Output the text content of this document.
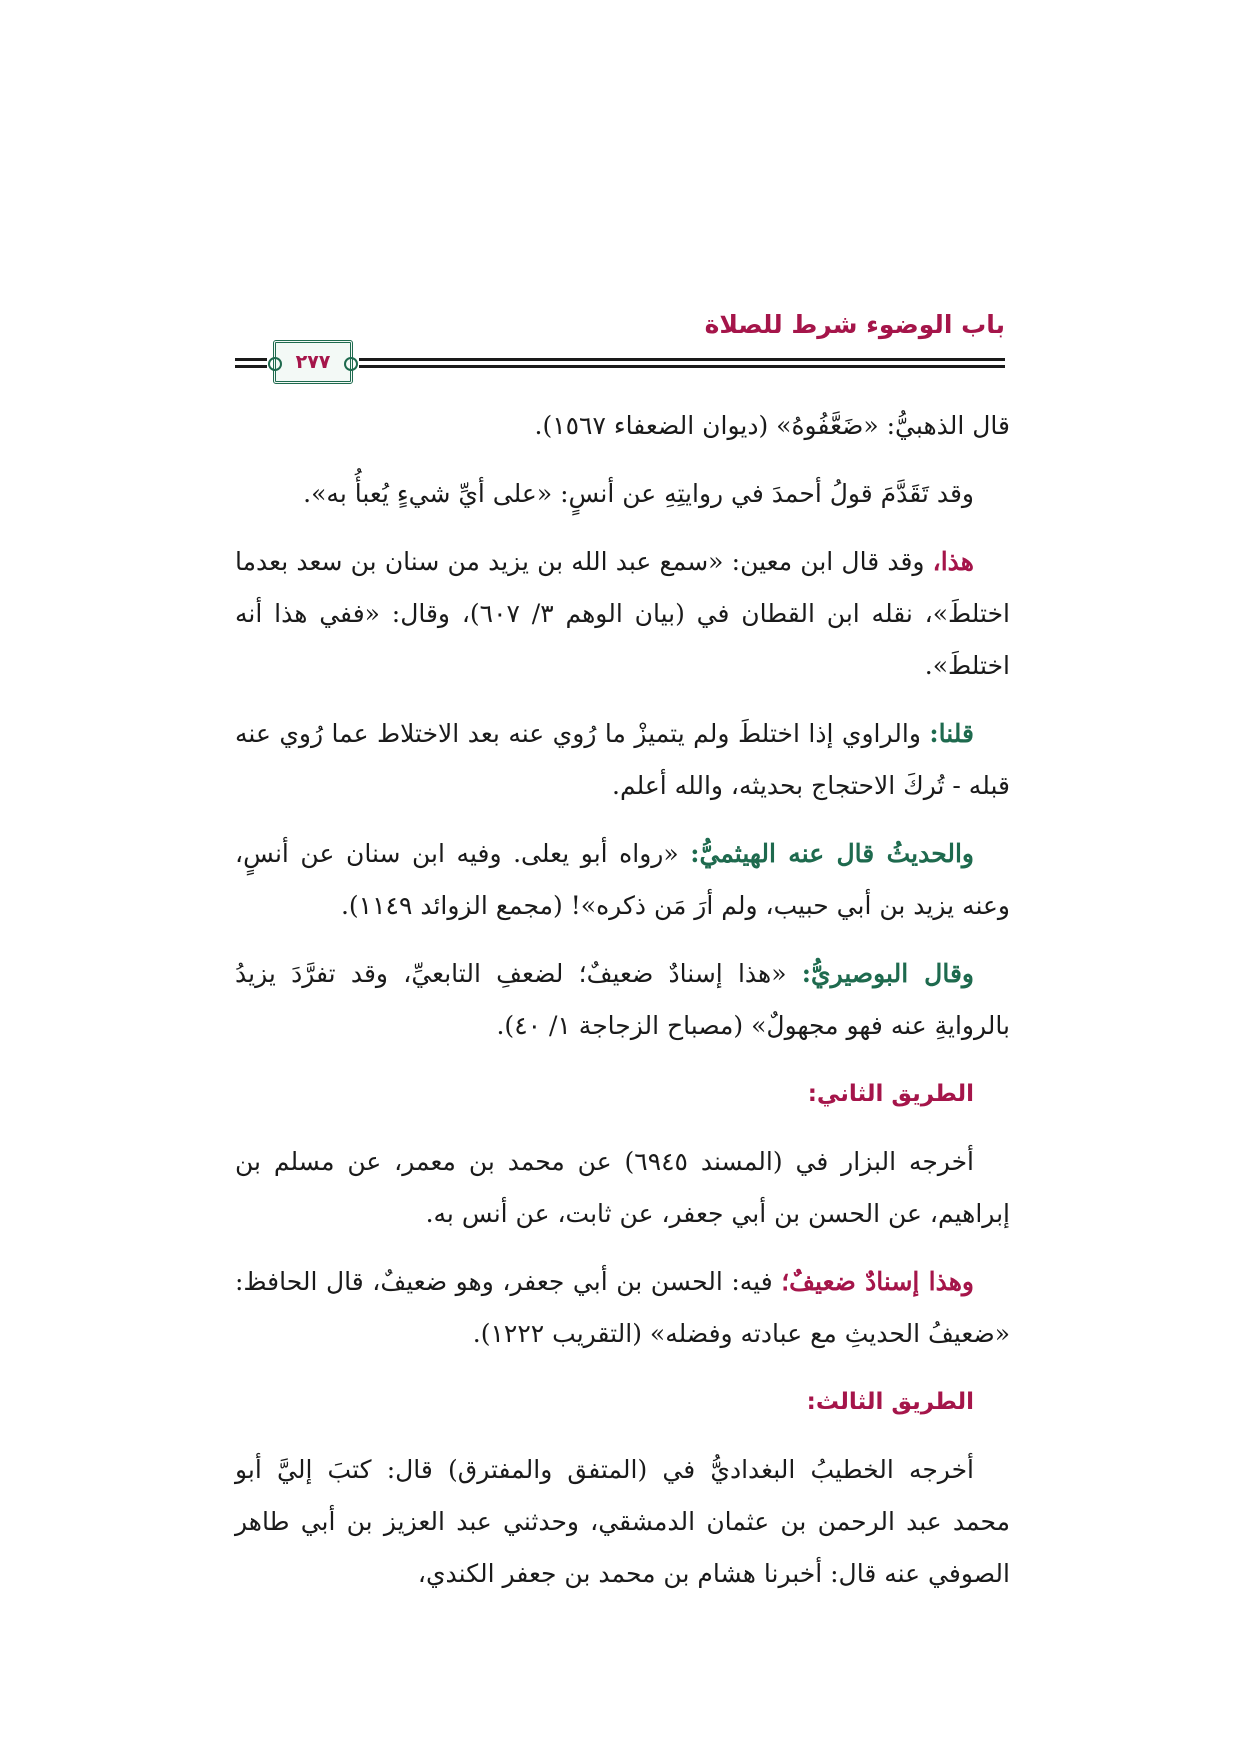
باب الوضوء شرط للصلاة
٢٧٧

قال الذهبيُّ: «ضَعَّفُوهُ» (ديوان الضعفاء ١٥٦٧).

وقد تَقَدَّمَ قولُ أحمدَ في روايتِهِ عن أنسٍ: «على أيِّ شيءٍ يُعبأُ به».

هذا، وقد قال ابن معين: «سمع عبد الله بن يزيد من سنان بن سعد بعدما اختلطَ»، نقله ابن القطان في (بيان الوهم ٣/ ٦٠٧)، وقال: «ففي هذا أنه اختلطَ».

قلنا: والراوي إذا اختلطَ ولم يتميزْ ما رُوي عنه بعد الاختلاط عما رُوي عنه قبله - تُركَ الاحتجاج بحديثه، والله أعلم.

والحديثُ قال عنه الهيثميُّ: «رواه أبو يعلى. وفيه ابن سنان عن أنسٍ، وعنه يزيد بن أبي حبيب، ولم أرَ مَن ذكره»! (مجمع الزوائد ١١٤٩).

وقال البوصيريُّ: «هذا إسنادٌ ضعيفٌ؛ لضعفِ التابعيِّ، وقد تفرَّدَ يزيدُ بالروايةِ عنه فهو مجهولٌ» (مصباح الزجاجة ١/ ٤٠).

الطريق الثاني:

أخرجه البزار في (المسند ٦٩٤٥) عن محمد بن معمر، عن مسلم بن إبراهيم، عن الحسن بن أبي جعفر، عن ثابت، عن أنس به.

وهذا إسنادٌ ضعيفٌ؛ فيه: الحسن بن أبي جعفر، وهو ضعيفٌ، قال الحافظ: «ضعيفُ الحديثِ مع عبادته وفضله» (التقريب ١٢٢٢).

الطريق الثالث:

أخرجه الخطيبُ البغداديُّ في (المتفق والمفترق) قال: كتبَ إليَّ أبو محمد عبد الرحمن بن عثمان الدمشقي، وحدثني عبد العزيز بن أبي طاهر الصوفي عنه قال: أخبرنا هشام بن محمد بن جعفر الكندي،
